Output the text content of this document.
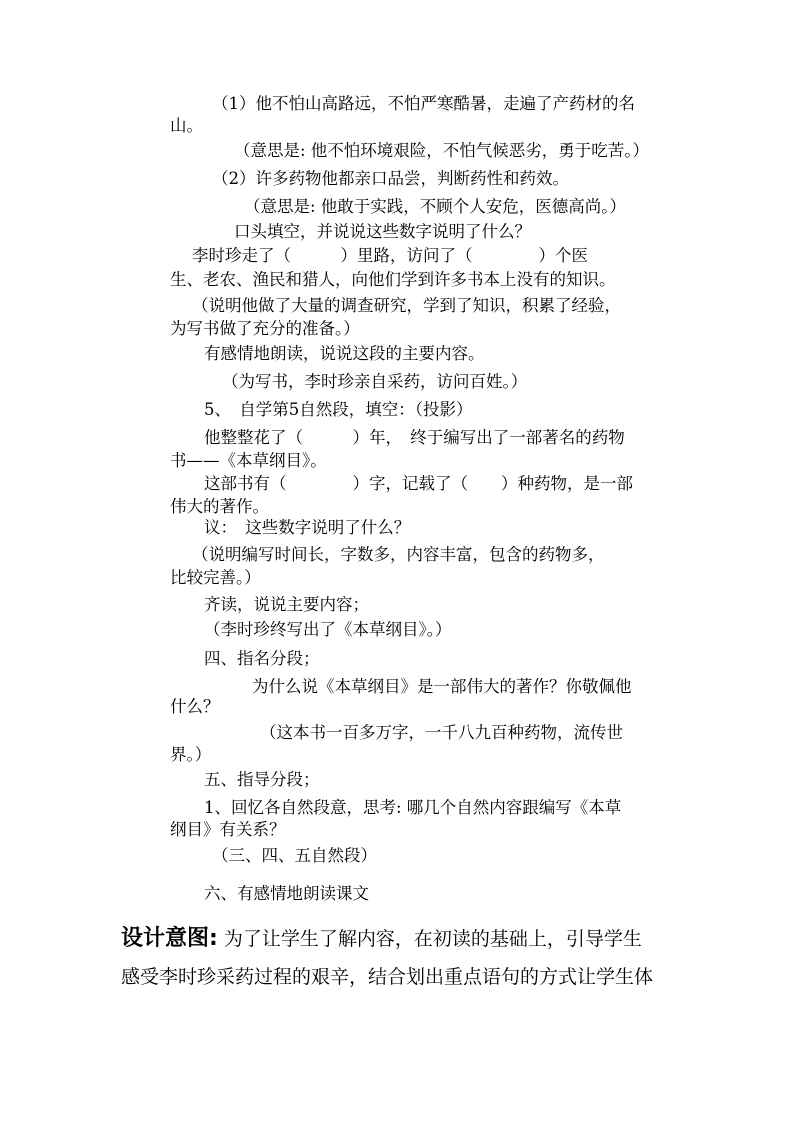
（1）他不怕山高路远，不怕严寒酷暑，走遍了产药材的名
山。
（意思是: 他不怕环境艰险，不怕气候恶劣，勇于吃苦。）
（2）许多药物他都亲口品尝，判断药性和药效。
（意思是: 他敢于实践，不顾个人安危，医德高尚。）
口头填空，并说说这些数字说明了什么？
李时珍走了（　　　）里路，访问了（　　　　）个医
生、老农、渔民和猎人，向他们学到许多书本上没有的知识。
（说明他做了大量的调查研究，学到了知识，积累了经验，
为写书做了充分的准备。）
有感情地朗读，说说这段的主要内容。
（为写书，李时珍亲自采药，访问百姓。）
5、　自学第5自然段，填空：（投影）
他整整花了（　　　）年，　终于编写出了一部著名的药物
书——《本草纲目》。
这部书有（　　　　）字，记载了（　　）种药物，是一部
伟大的著作。
议：　这些数字说明了什么？
（说明编写时间长，字数多，内容丰富，包含的药物多，
比较完善。）
齐读，说说主要内容；
（李时珍终写出了《本草纲目》。）
四、指名分段；
为什么说《本草纲目》是一部伟大的著作？你敬佩他
什么？
（这本书一百多万字，一千八九百种药物，流传世
界。）
五、指导分段；
1、回忆各自然段意，思考: 哪几个自然内容跟编写《本草
纲目》有关系？
（三、四、五自然段）
六、有感情地朗读课文
设计意图: 为了让学生了解内容，在初读的基础上，引导学生
感受李时珍采药过程的艰辛，结合划出重点语句的方式让学生体
